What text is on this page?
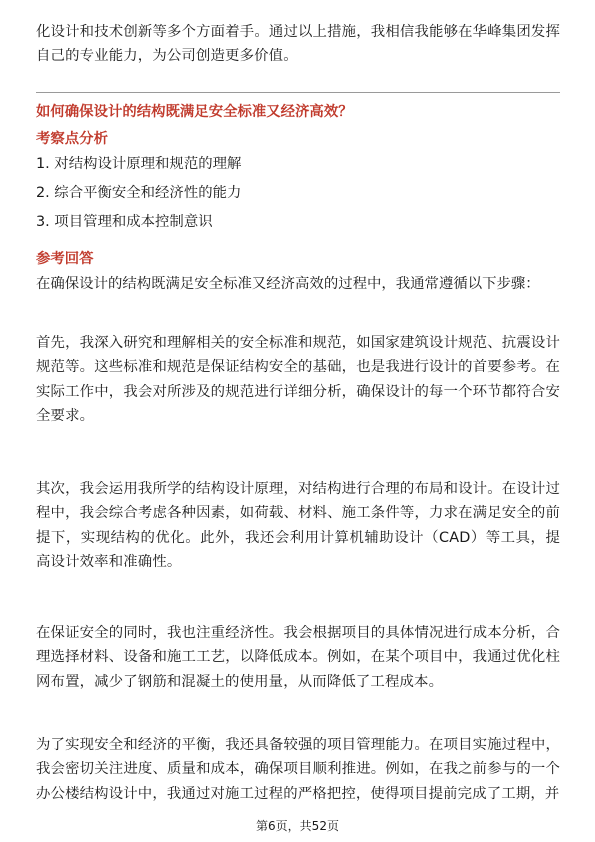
化设计和技术创新等多个方面着手。通过以上措施，我相信我能够在华峰集团发挥自己的专业能力，为公司创造更多价值。

如何确保设计的结构既满足安全标准又经济高效？
考察点分析

1. 对结构设计原理和规范的理解

2. 综合平衡安全和经济性的能力

3. 项目管理和成本控制意识

参考回答

在确保设计的结构既满足安全标准又经济高效的过程中，我通常遵循以下步骤：

首先，我深入研究和理解相关的安全标准和规范，如国家建筑设计规范、抗震设计规范等。这些标准和规范是保证结构安全的基础，也是我进行设计的首要参考。在实际工作中，我会对所涉及的规范进行详细分析，确保设计的每一个环节都符合安全要求。

其次，我会运用我所学的结构设计原理，对结构进行合理的布局和设计。在设计过程中，我会综合考虑各种因素，如荷载、材料、施工条件等，力求在满足安全的前提下，实现结构的优化。此外，我还会利用计算机辅助设计（CAD）等工具，提高设计效率和准确性。

在保证安全的同时，我也注重经济性。我会根据项目的具体情况进行成本分析，合理选择材料、设备和施工工艺，以降低成本。例如，在某个项目中，我通过优化柱网布置，减少了钢筋和混凝土的使用量，从而降低了工程成本。

为了实现安全和经济的平衡，我还具备较强的项目管理能力。在项目实施过程中，我会密切关注进度、质量和成本，确保项目顺利推进。例如，在我之前参与的一个办公楼结构设计中，我通过对施工过程的严格把控，使得项目提前完成了工期，并

第6页，共52页
